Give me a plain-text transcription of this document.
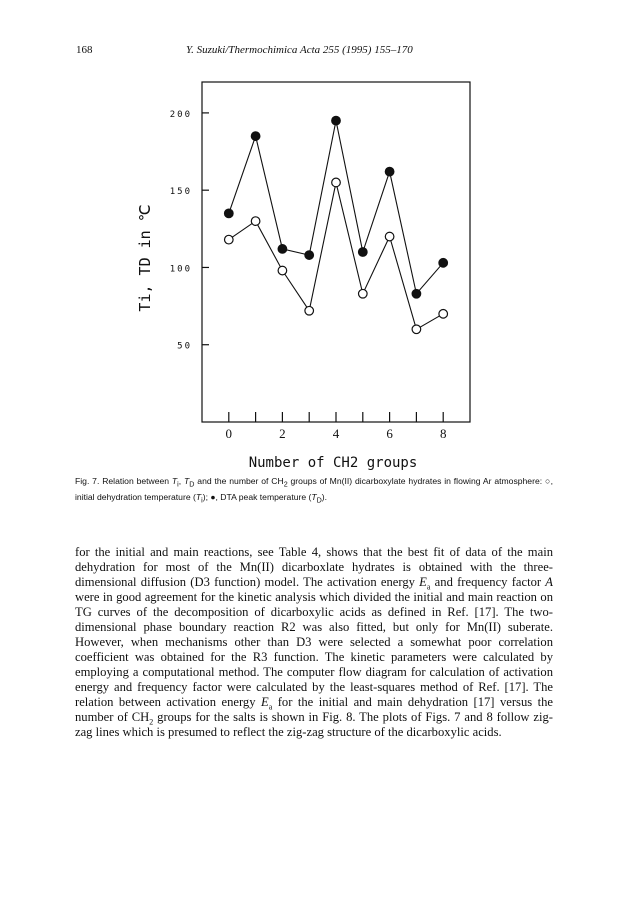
168	Y. Suzuki/Thermochimica Acta 255 (1995) 155–170
50
100
150
200
0	2	4	6	8
Ti, TD in ℃
Number of CH2 groups
Fig. 7. Relation between $T_i$, $T_D$ and the number of $CH_2$ groups of Mn(II) dicarboxylate hydrates in flowing Ar atmosphere: ○, initial dehydration temperature $(T_i)$; ●, DTA peak temperature $(T_D)$.

for the initial and main reactions, see Table 4, shows that the best fit of data of the main dehydration for most of the Mn(II) dicarboxlate hydrates is obtained with the three-dimensional diffusion (D3 function) model. The activation energy $E_a$ and frequency factor A were in good agreement for the kinetic analysis which divided the initial and main reaction on TG curves of the decomposition of dicarboxylic acids as defined in Ref. [17]. The two-dimensional phase boundary reaction R2 was also fitted, but only for Mn(II) suberate. However, when mechanisms other than D3 were selected a somewhat poor correlation coefficient was obtained for the R3 function. The kinetic parameters were calculated by employing a computational method. The computer flow diagram for calculation of activation energy and frequency factor were calculated by the least-squares method of Ref. [17]. The relation between activation energy $E_a$ for the initial and main dehydration [17] versus the number of $CH_2$ groups for the salts is shown in Fig. 8. The plots of Figs. 7 and 8 follow zig-zag lines which is presumed to reflect the zig-zag structure of the dicarboxylic acids.
